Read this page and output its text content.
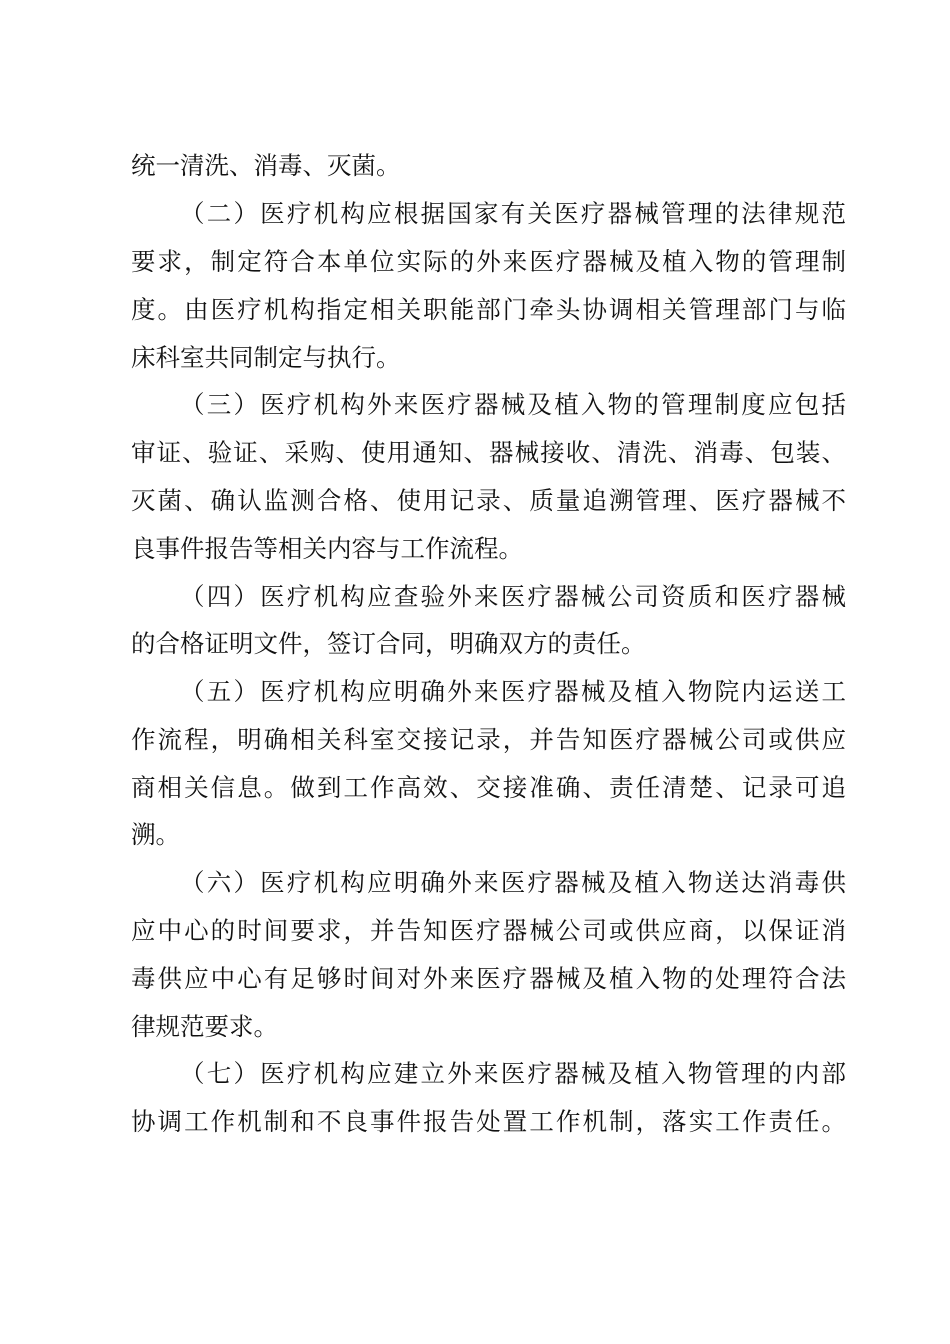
统一清洗、消毒、灭菌。
（二）医疗机构应根据国家有关医疗器械管理的法律规范
要求，制定符合本单位实际的外来医疗器械及植入物的管理制
度。由医疗机构指定相关职能部门牵头协调相关管理部门与临
床科室共同制定与执行。
（三）医疗机构外来医疗器械及植入物的管理制度应包括
审证、验证、采购、使用通知、器械接收、清洗、消毒、包装、
灭菌、确认监测合格、使用记录、质量追溯管理、医疗器械不
良事件报告等相关内容与工作流程。
（四）医疗机构应查验外来医疗器械公司资质和医疗器械
的合格证明文件，签订合同，明确双方的责任。
（五）医疗机构应明确外来医疗器械及植入物院内运送工
作流程，明确相关科室交接记录，并告知医疗器械公司或供应
商相关信息。做到工作高效、交接准确、责任清楚、记录可追
溯。
（六）医疗机构应明确外来医疗器械及植入物送达消毒供
应中心的时间要求，并告知医疗器械公司或供应商，以保证消
毒供应中心有足够时间对外来医疗器械及植入物的处理符合法
律规范要求。
（七）医疗机构应建立外来医疗器械及植入物管理的内部
协调工作机制和不良事件报告处置工作机制，落实工作责任。
